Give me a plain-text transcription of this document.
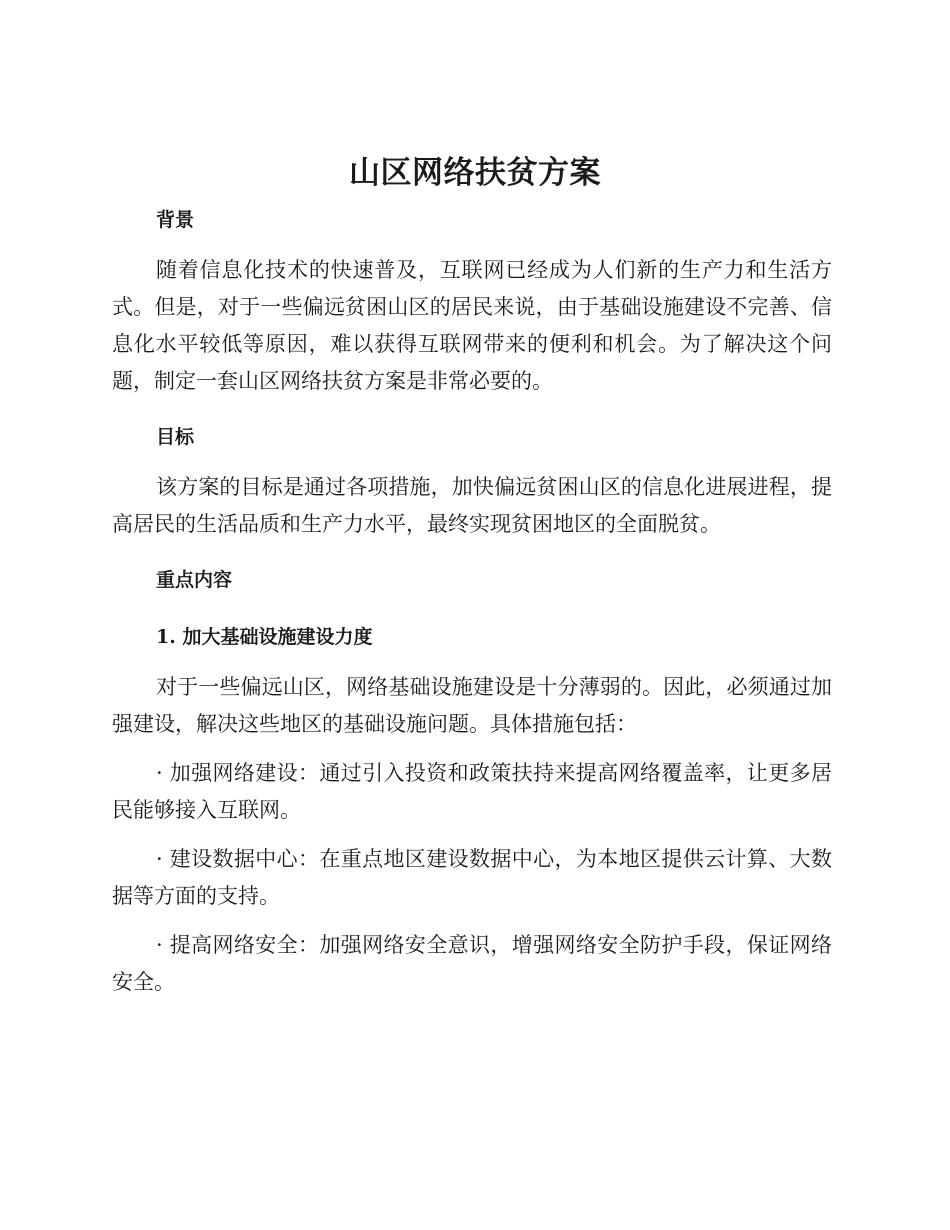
山区网络扶贫方案
背景

随着信息化技术的快速普及，互联网已经成为人们新的生产力和生活方式。但是，对于一些偏远贫困山区的居民来说，由于基础设施建设不完善、信息化水平较低等原因，难以获得互联网带来的便利和机会。为了解决这个问题，制定一套山区网络扶贫方案是非常必要的。

目标

该方案的目标是通过各项措施，加快偏远贫困山区的信息化进展进程，提高居民的生活品质和生产力水平，最终实现贫困地区的全面脱贫。

重点内容
1. 加大基础设施建设力度

对于一些偏远山区，网络基础设施建设是十分薄弱的。因此，必须通过加强建设，解决这些地区的基础设施问题。具体措施包括：

· 加强网络建设：通过引入投资和政策扶持来提高网络覆盖率，让更多居民能够接入互联网。

· 建设数据中心：在重点地区建设数据中心，为本地区提供云计算、大数据等方面的支持。

· 提高网络安全：加强网络安全意识，增强网络安全防护手段，保证网络安全。
